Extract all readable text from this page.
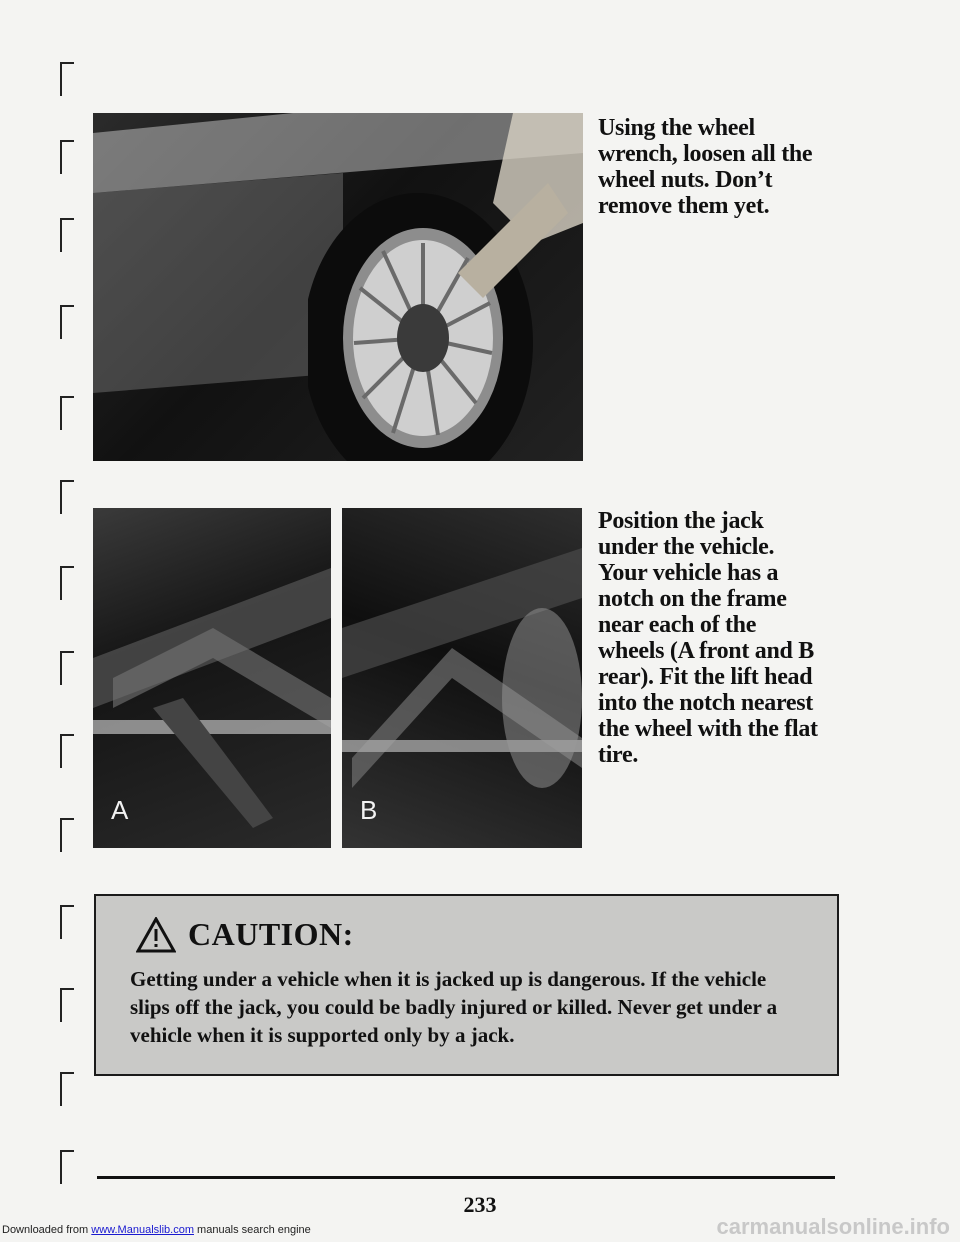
Using the wheel wrench, loosen all the wheel nuts. Don’t remove them yet.
A	B
Position the jack under the vehicle. Your vehicle has a notch on the frame near each of the wheels (A front and B rear). Fit the lift head into the notch nearest the wheel with the flat tire.
CAUTION:

Getting under a vehicle when it is jacked up is dangerous. If the vehicle slips off the jack, you could be badly injured or killed. Never get under a vehicle when it is supported only by a jack.

233
Downloaded from www.Manualslib.com manuals search engine	carmanualsonline.info
